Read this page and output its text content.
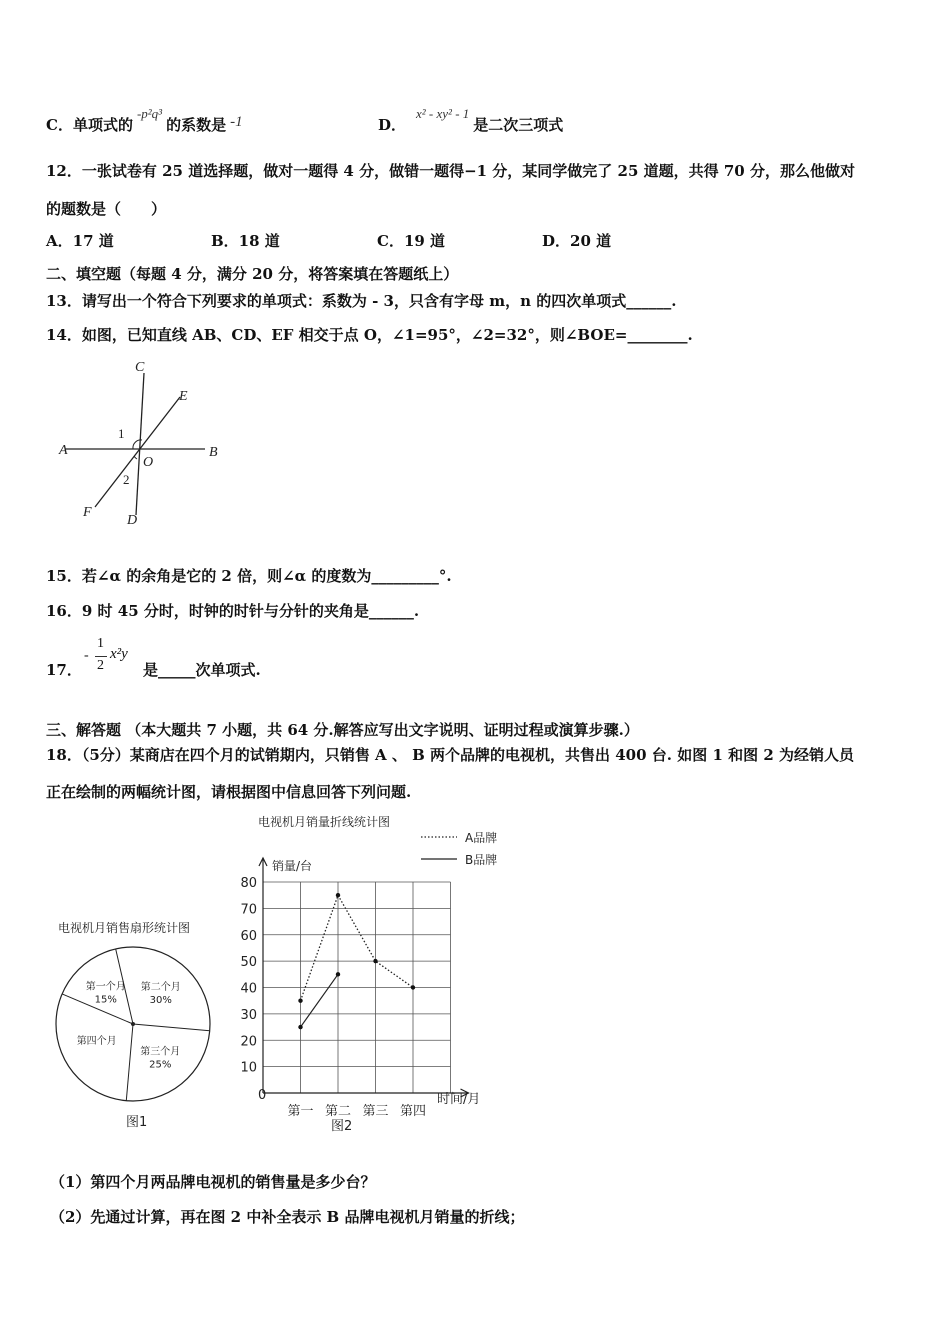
C．单项式的-p²q³的系数是 -1	D．x² - xy² - 1是二次三项式
12．一张试卷有 25 道选择题，做对一题得 4 分，做错一题得−1 分，某同学做完了 25 道题，共得 70 分，那么他做对
的题数是（　　）
A．17 道	B．18 道	C．19 道	D．20 道
二、填空题（每题 4 分，满分 20 分，将答案填在答题纸上）
13．请写出一个符合下列要求的单项式：系数为 - 3，只含有字母 m，n 的四次单项式______.
14．如图，已知直线 AB、CD、EF 相交于点 O，∠1=95°，∠2=32°，则∠BOE=________.
C
E
A	B
O
1
2
F
D
15．若∠α 的余角是它的 2 倍，则∠α 的度数为_________°.
16．9 时 45 分时，时钟的时针与分针的夹角是______.
17．
-
1
2
x²y
是_____次单项式.
三、解答题 （本大题共 7 小题，共 64 分.解答应写出文字说明、证明过程或演算步骤.）
18．（5分）某商店在四个月的试销期内，只销售 A 、 B 两个品牌的电视机，共售出 400 台. 如图 1 和图 2 为经销人员
正在绘制的两幅统计图，请根据图中信息回答下列问题.
电视机月销售扇形统计图
第一个月
15%
第二个月
30%
第三个月
25%
第四个月
图1
电视机月销量折线统计图
A品牌
B品牌
销量/台
10
20
30
40
50
60
70
80
第一 第二 第三 第四
时间/月
0
图2
（1）第四个月两品牌电视机的销售量是多少台？
（2）先通过计算，再在图 2 中补全表示 B 品牌电视机月销量的折线；
